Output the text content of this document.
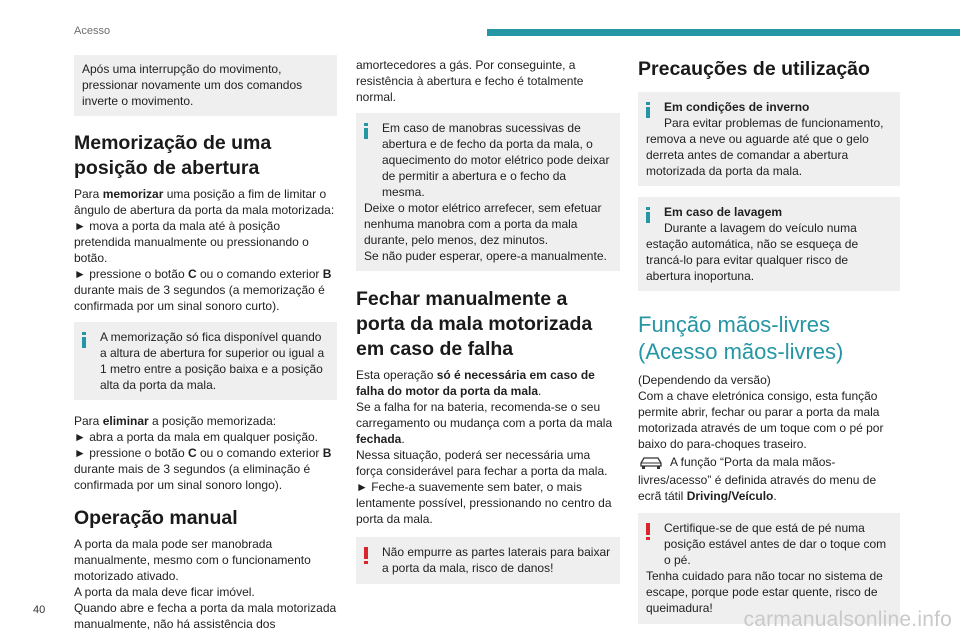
Acesso

Após uma interrupção do movimento, pressionar novamente um dos comandos inverte o movimento.

Memorização de uma posição de abertura

Para memorizar uma posição a fim de limitar o ângulo de abertura da porta da mala motorizada:

► mova a porta da mala até à posição pretendida manualmente ou pressionando o botão.

► pressione o botão C ou o comando exterior B durante mais de 3 segundos (a memorização é confirmada por um sinal sonoro curto).

A memorização só fica disponível quando a altura de abertura for superior ou igual a 1 metro entre a posição baixa e a posição alta da porta da mala.

Para eliminar a posição memorizada:

► abra a porta da mala em qualquer posição.

► pressione o botão C ou o comando exterior B durante mais de 3 segundos (a eliminação é confirmada por um sinal sonoro longo).

Operação manual

A porta da mala pode ser manobrada manualmente, mesmo com o funcionamento motorizado ativado.

A porta da mala deve ficar imóvel.

Quando abre e fecha a porta da mala motorizada manualmente, não há assistência dos

amortecedores a gás. Por conseguinte, a resistência à abertura e fecho é totalmente normal.

Em caso de manobras sucessivas de abertura e de fecho da porta da mala, o aquecimento do motor elétrico pode deixar de permitir a abertura e o fecho da mesma.

Deixe o motor elétrico arrefecer, sem efetuar nenhuma manobra com a porta da mala durante, pelo menos, dez minutos.

Se não puder esperar, opere-a manualmente.

Fechar manualmente a porta da mala motorizada em caso de falha

Esta operação só é necessária em caso de falha do motor da porta da mala.

Se a falha for na bateria, recomenda-se o seu carregamento ou mudança com a porta da mala fechada.

Nessa situação, poderá ser necessária uma força considerável para fechar a porta da mala.

► Feche-a suavemente sem bater, o mais lentamente possível, pressionando no centro da porta da mala.

Não empurre as partes laterais para baixar a porta da mala, risco de danos!

Precauções de utilização

Em condições de inverno

Para evitar problemas de funcionamento, remova a neve ou aguarde até que o gelo derreta antes de comandar a abertura motorizada da porta da mala.

Em caso de lavagem

Durante a lavagem do veículo numa estação automática, não se esqueça de trancá-lo para evitar qualquer risco de abertura inoportuna.

Função mãos-livres (Acesso mãos-livres)

(Dependendo da versão)

Com a chave eletrónica consigo, esta função permite abrir, fechar ou parar a porta da mala motorizada através de um toque com o pé por baixo do para-choques traseiro.

A função “Porta da mala mãos-livres/acesso” é definida através do menu de ecrã tátil Driving/Veículo.

Certifique-se de que está de pé numa posição estável antes de dar o toque com o pé.

Tenha cuidado para não tocar no sistema de escape, porque pode estar quente, risco de queimadura!

40	carmanualsonline.info
